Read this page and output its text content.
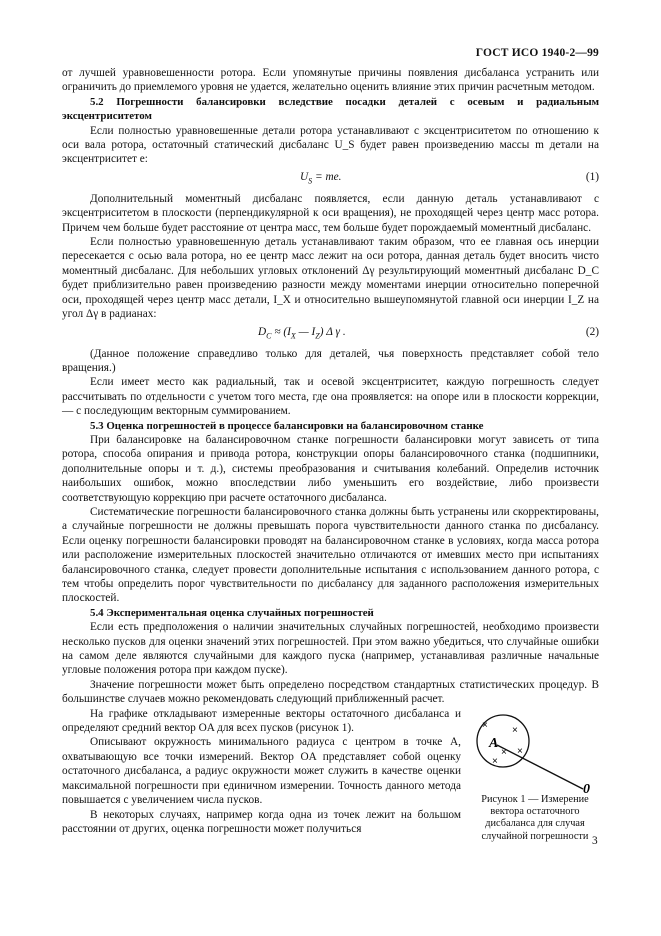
ГОСТ ИСО 1940-2—99

от лучшей уравновешенности ротора. Если упомянутые причины появления дисбаланса устранить или ограничить до приемлемого уровня не удается, желательно оценить влияние этих причин расчетным методом.

5.2 Погрешности балансировки вследствие посадки деталей с осевым и радиальным эксцентриситетом

Если полностью уравновешенные детали ротора устанавливают с эксцентриситетом по отношению к оси вала ротора, остаточный статический дисбаланс U_S будет равен произведению массы m детали на эксцентриситет e:

$U_S$ = me.	(1)

Дополнительный моментный дисбаланс появляется, если данную деталь устанавливают с эксцентриситетом в плоскости (перпендикулярной к оси вращения), не проходящей через центр масс ротора. Причем чем больше будет расстояние от центра масс, тем больше будет порождаемый моментный дисбаланс.

Если полностью уравновешенную деталь устанавливают таким образом, что ее главная ось инерции пересекается с осью вала ротора, но ее центр масс лежит на оси ротора, данная деталь будет вносить чисто моментный дисбаланс. Для небольших угловых отклонений Δγ результирующий моментный дисбаланс D_C будет приблизительно равен произведению разности между моментами инерции относительно поперечной оси, проходящей через центр масс детали, I_X и относительно вышеупомянутой главной оси инерции I_Z на угол Δγ в радианах:

$D_C \approx (I_X$ — $I_Z$) Δ γ .	(2)

(Данное положение справедливо только для деталей, чья поверхность представляет собой тело вращения.)

Если имеет место как радиальный, так и осевой эксцентриситет, каждую погрешность следует рассчитывать по отдельности с учетом того места, где она проявляется: на опоре или в плоскости коррекции, — с последующим векторным суммированием.

5.3 Оценка погрешностей в процессе балансировки на балансировочном станке

При балансировке на балансировочном станке погрешности балансировки могут зависеть от типа ротора, способа опирания и привода ротора, конструкции опоры балансировочного станка (подшипники, дополнительные опоры и т. д.), системы преобразования и считывания колебаний. Определив источник наибольших ошибок, можно впоследствии либо уменьшить его воздействие, либо произвести соответствующую коррекцию при расчете остаточного дисбаланса.

Систематические погрешности балансировочного станка должны быть устранены или скорректированы, а случайные погрешности не должны превышать порога чувствительности данного станка по дисбалансу. Если оценку погрешности балансировки проводят на балансировочном станке в условиях, когда масса ротора или расположение измерительных плоскостей значительно отличаются от имевших место при испытаниях балансировочного станка, следует провести дополнительные испытания с использованием данного ротора, с тем чтобы определить порог чувствительности по дисбалансу для заданного расположения измерительных плоскостей.

5.4 Экспериментальная оценка случайных погрешностей

Если есть предположения о наличии значительных случайных погрешностей, необходимо произвести несколько пусков для оценки значений этих погрешностей. При этом важно убедиться, что случайные ошибки на самом деле являются случайными для каждого пуска (например, устанавливая различные начальные угловые положения ротора при каждом пуске).

Значение погрешности может быть определено посредством стандартных статистических процедур. В большинстве случаев можно рекомендовать следующий приближенный расчет.

A
0
× ×
×
×
×
Рисунок 1 — Измерение вектора остаточного дисбаланса для случая случайной погрешности

На графике откладывают измеренные векторы остаточного дисбаланса и определяют средний вектор OA для всех пусков (рисунок 1).

Описывают окружность минимального радиуса с центром в точке A, охватывающую все точки измерений. Вектор OA представляет собой оценку остаточного дисбаланса, а радиус окружности может служить в качестве оценки максимальной погрешности при единичном измерении. Точность данного метода повышается с увеличением числа пусков.

В некоторых случаях, например когда одна из точек лежит на большом расстоянии от других, оценка погрешности может получиться

3
